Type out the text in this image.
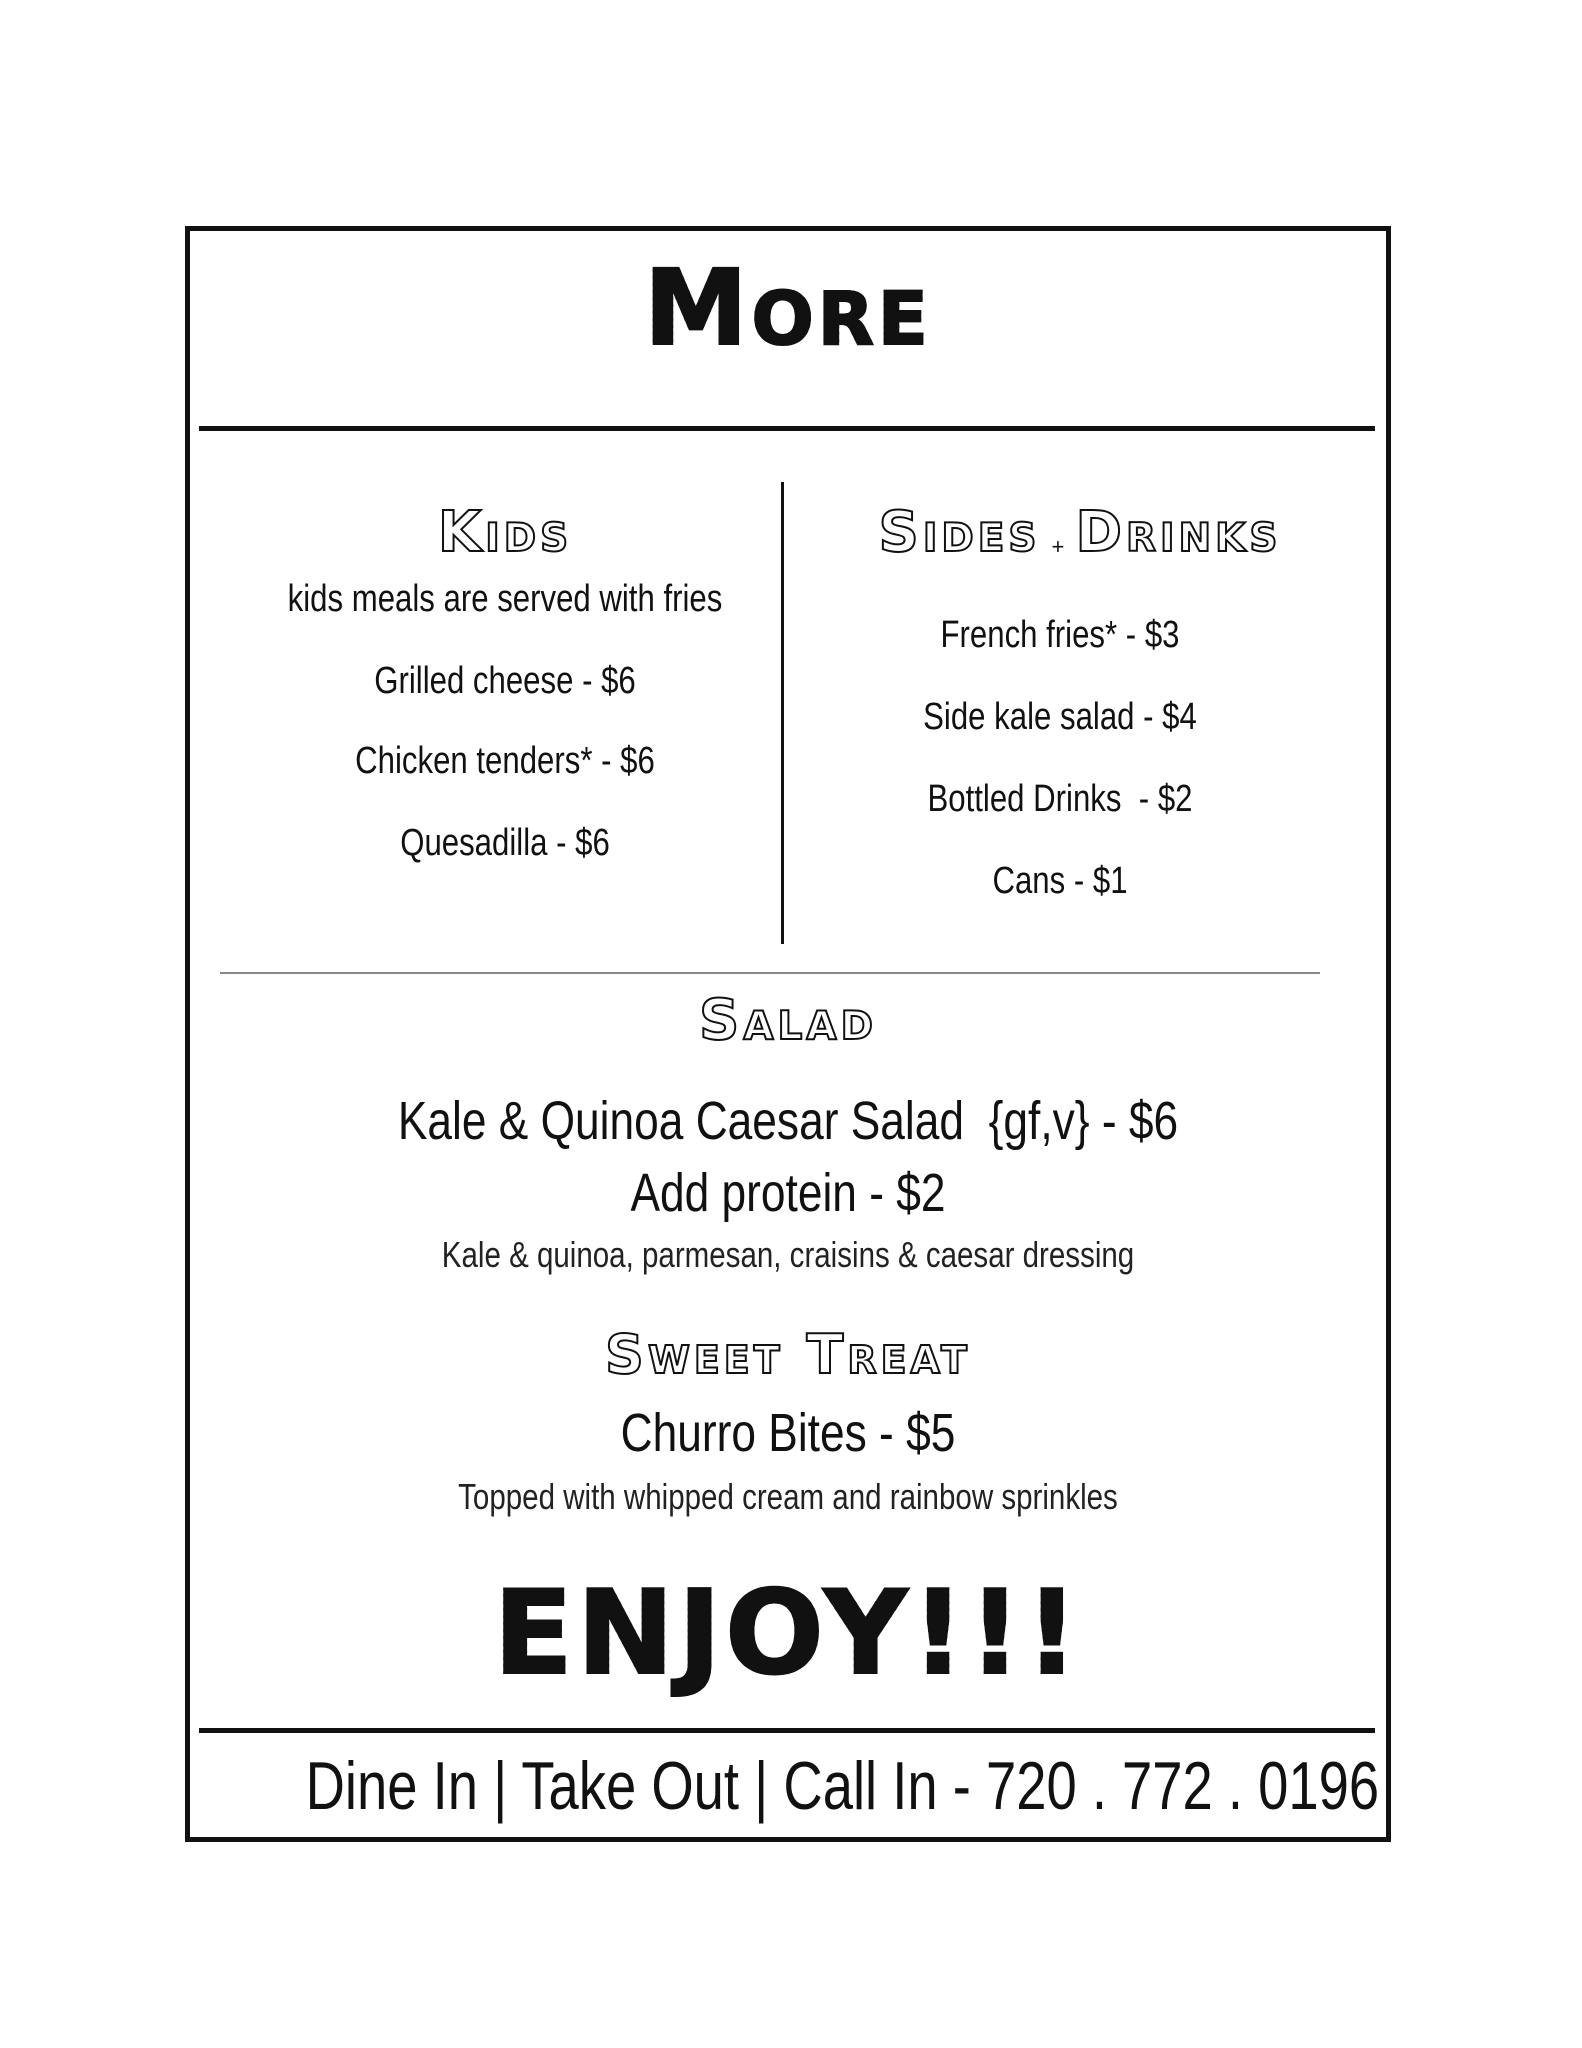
More
Kids
kids meals are served with fries
Grilled cheese - $6
Chicken tenders* - $6
Quesadilla - $6
Sides + Drinks
French fries* - $3
Side kale salad - $4
Bottled Drinks  - $2
Cans - $1
Salad
Kale & Quinoa Caesar Salad  {gf,v} - $6
Add protein - $2
Kale & quinoa, parmesan, craisins & caesar dressing
Sweet Treat
Churro Bites - $5
Topped with whipped cream and rainbow sprinkles
ENJOY!!!
Dine In | Take Out | Call In - 720 . 772 . 0196
